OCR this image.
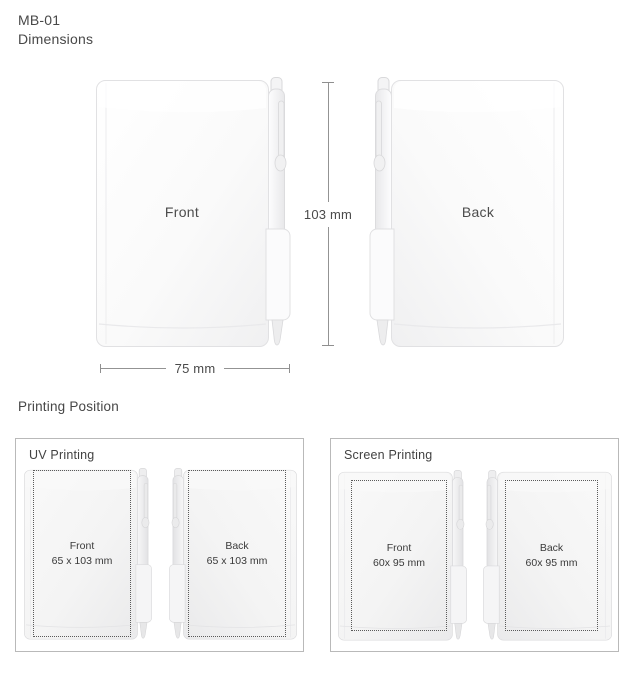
MB-01
Dimensions
Front	103 mm	Back
75 mm
Printing Position
UV Printing
Front
65 x 103 mm
Back
65 x 103 mm
Screen Printing
Front
60x 95 mm
Back
60x 95 mm
